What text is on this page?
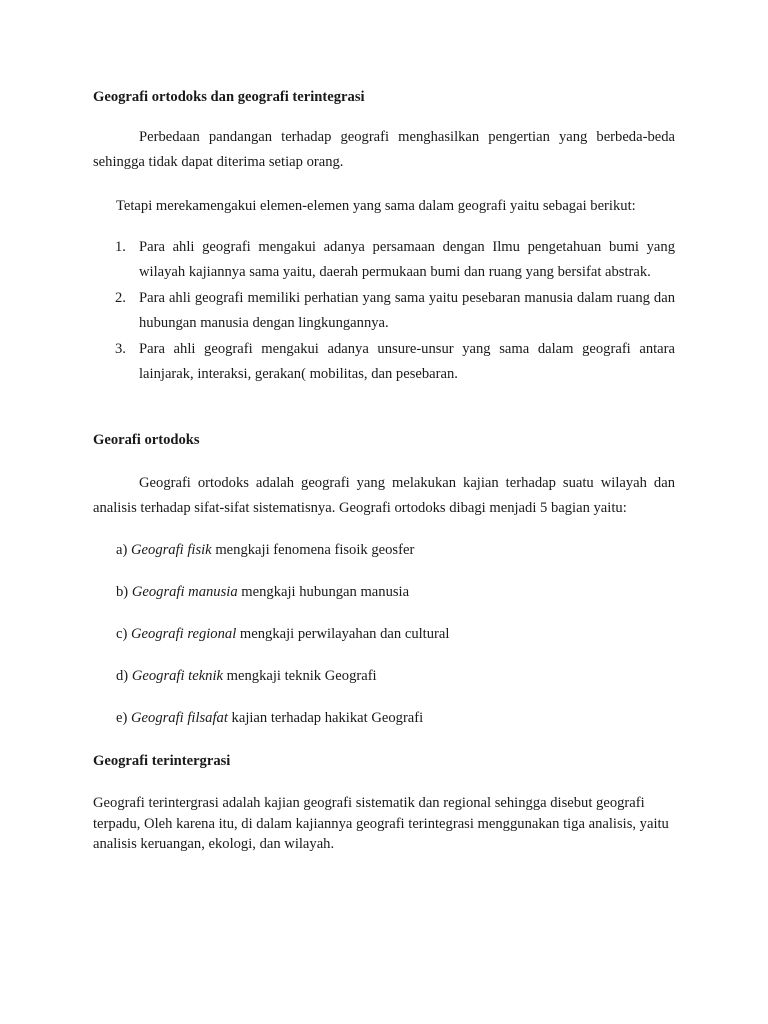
Geografi ortodoks dan geografi terintegrasi

Perbedaan pandangan terhadap geografi menghasilkan pengertian yang berbeda-beda sehingga tidak dapat diterima setiap orang.

Tetapi merekamengakui elemen-elemen yang sama dalam geografi yaitu sebagai berikut:

1. Para ahli geografi mengakui adanya persamaan dengan Ilmu pengetahuan bumi yang wilayah kajiannya sama yaitu, daerah permukaan bumi dan ruang yang bersifat abstrak.
2. Para ahli geografi memiliki perhatian yang sama yaitu pesebaran manusia dalam ruang dan hubungan manusia dengan lingkungannya.
3. Para ahli geografi mengakui adanya unsure-unsur yang sama dalam geografi antara lainjarak, interaksi, gerakan( mobilitas, dan pesebaran.

Georafi ortodoks

Geografi ortodoks adalah geografi yang melakukan kajian terhadap suatu wilayah dan analisis terhadap sifat-sifat sistematisnya. Geografi ortodoks dibagi menjadi 5 bagian yaitu:

a) Geografi fisik mengkaji fenomena fisoik geosfer

b) Geografi manusia mengkaji hubungan manusia

c) Geografi regional mengkaji perwilayahan dan cultural

d) Geografi teknik mengkaji teknik Geografi

e) Geografi filsafat kajian terhadap hakikat Geografi

Geografi terintergrasi

Geografi terintergrasi adalah kajian geografi sistematik dan regional sehingga disebut geografi terpadu, Oleh karena itu, di dalam kajiannya geografi terintegrasi menggunakan tiga analisis, yaitu analisis keruangan, ekologi, dan wilayah.
